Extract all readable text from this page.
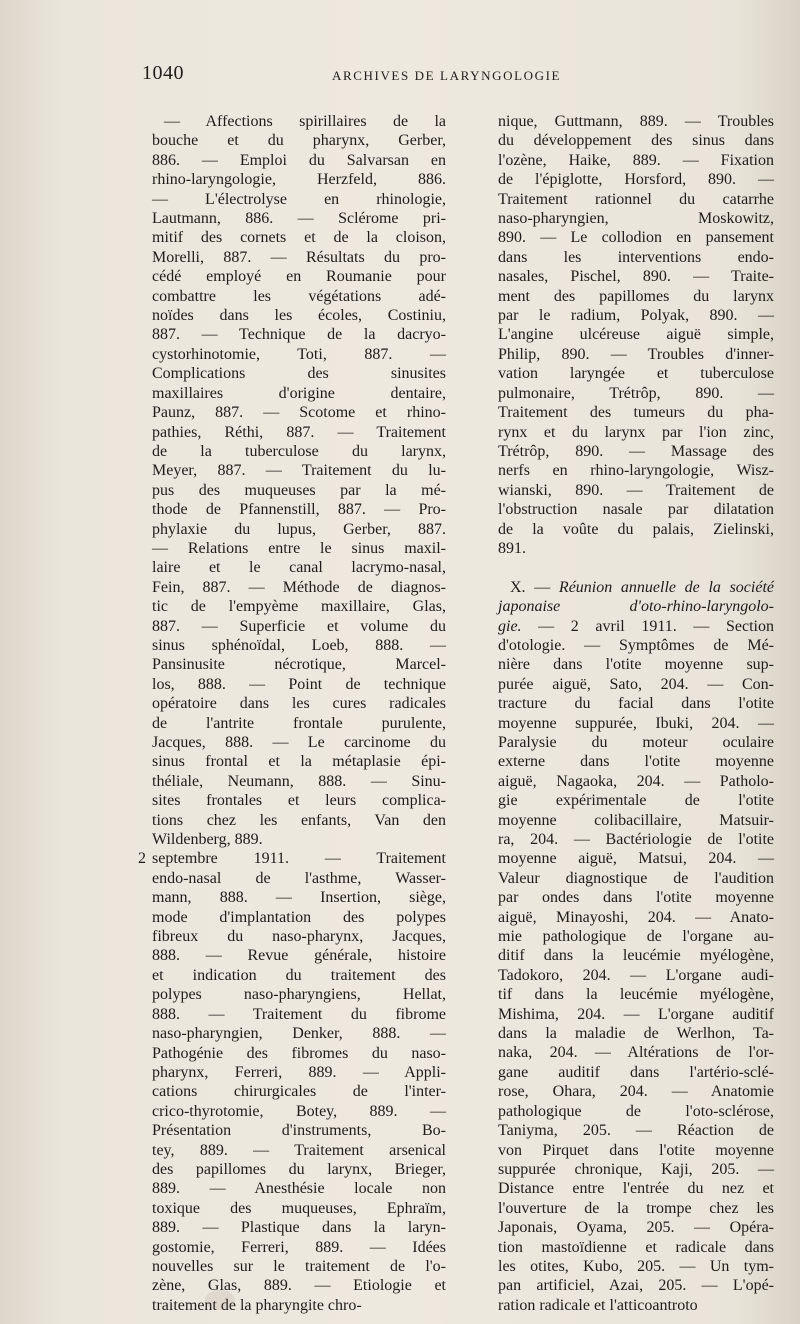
1040	ARCHIVES DE LARYNGOLOGIE
— Affections spirillaires de la
bouche et du pharynx, Gerber,
886. — Emploi du Salvarsan en
rhino-laryngologie, Herzfeld, 886.
— L'électrolyse en rhinologie,
Lautmann, 886. — Sclérome pri-
mitif des cornets et de la cloison,
Morelli, 887. — Résultats du pro-
cédé employé en Roumanie pour
combattre les végétations adé-
noïdes dans les écoles, Costiniu,
887. — Technique de la dacryo-
cystorhinotomie, Toti, 887. —
Complications des sinusites
maxillaires d'origine dentaire,
Paunz, 887. — Scotome et rhino-
pathies, Réthi, 887. — Traitement
de la tuberculose du larynx,
Meyer, 887. — Traitement du lu-
pus des muqueuses par la mé-
thode de Pfannenstill, 887. — Pro-
phylaxie du lupus, Gerber, 887.
— Relations entre le sinus maxil-
laire et le canal lacrymo-nasal,
Fein, 887. — Méthode de diagnos-
tic de l'empyème maxillaire, Glas,
887. — Superficie et volume du
sinus sphénoïdal, Loeb, 888. —
Pansinusite nécrotique, Marcel-
los, 888. — Point de technique
opératoire dans les cures radicales
de l'antrite frontale purulente,
Jacques, 888. — Le carcinome du
sinus frontal et la métaplasie épi-
théliale, Neumann, 888. — Sinu-
sites frontales et leurs complica-
tions chez les enfants, Van den
Wildenberg, 889.
2 septembre 1911. — Traitement
endo-nasal de l'asthme, Wasser-
mann, 888. — Insertion, siège,
mode d'implantation des polypes
fibreux du naso-pharynx, Jacques,
888. — Revue générale, histoire
et indication du traitement des
polypes naso-pharyngiens, Hellat,
888. — Traitement du fibrome
naso-pharyngien, Denker, 888. —
Pathogénie des fibromes du naso-
pharynx, Ferreri, 889. — Appli-
cations chirurgicales de l'inter-
crico-thyrotomie, Botey, 889. —
Présentation d'instruments, Bo-
tey, 889. — Traitement arsenical
des papillomes du larynx, Brieger,
889. — Anesthésie locale non
toxique des muqueuses, Ephraïm,
889. — Plastique dans la laryn-
gostomie, Ferreri, 889. — Idées
nouvelles sur le traitement de l'o-
zène, Glas, 889. — Etiologie et
traitement de la pharyngite chro-
nique, Guttmann, 889. — Troubles
du développement des sinus dans
l'ozène, Haike, 889. — Fixation
de l'épiglotte, Horsford, 890. —
Traitement rationnel du catarrhe
naso-pharyngien, Moskowitz,
890. — Le collodion en pansement
dans les interventions endo-
nasales, Pischel, 890. — Traite-
ment des papillomes du larynx
par le radium, Polyak, 890. —
L'angine ulcéreuse aiguë simple,
Philip, 890. — Troubles d'inner-
vation laryngée et tuberculose
pulmonaire, Trétrôp, 890. —
Traitement des tumeurs du pha-
rynx et du larynx par l'ion zinc,
Trétrôp, 890. — Massage des
nerfs en rhino-laryngologie, Wisz-
wianski, 890. — Traitement de
l'obstruction nasale par dilatation
de la voûte du palais, Zielinski,
891.
X. — Réunion annuelle de la société
japonaise d'oto-rhino-laryngolo-
gie. — 2 avril 1911. — Section
d'otologie. — Symptômes de Mé-
nière dans l'otite moyenne sup-
purée aiguë, Sato, 204. — Con-
tracture du facial dans l'otite
moyenne suppurée, Ibuki, 204. —
Paralysie du moteur oculaire
externe dans l'otite moyenne
aiguë, Nagaoka, 204. — Patholo-
gie expérimentale de l'otite
moyenne colibacillaire, Matsuir-
ra, 204. — Bactériologie de l'otite
moyenne aiguë, Matsui, 204. —
Valeur diagnostique de l'audition
par ondes dans l'otite moyenne
aiguë, Minayoshi, 204. — Anato-
mie pathologique de l'organe au-
ditif dans la leucémie myélogène,
Tadokoro, 204. — L'organe audi-
tif dans la leucémie myélogène,
Mishima, 204. — L'organe auditif
dans la maladie de Werlhon, Ta-
naka, 204. — Altérations de l'or-
gane auditif dans l'artério-sclé-
rose, Ohara, 204. — Anatomie
pathologique de l'oto-sclérose,
Taniyma, 205. — Réaction de
von Pirquet dans l'otite moyenne
suppurée chronique, Kaji, 205. —
Distance entre l'entrée du nez et
l'ouverture de la trompe chez les
Japonais, Oyama, 205. — Opéra-
tion mastoïdienne et radicale dans
les otites, Kubo, 205. — Un tym-
pan artificiel, Azai, 205. — L'opé-
ration radicale et l'atticoantroto
